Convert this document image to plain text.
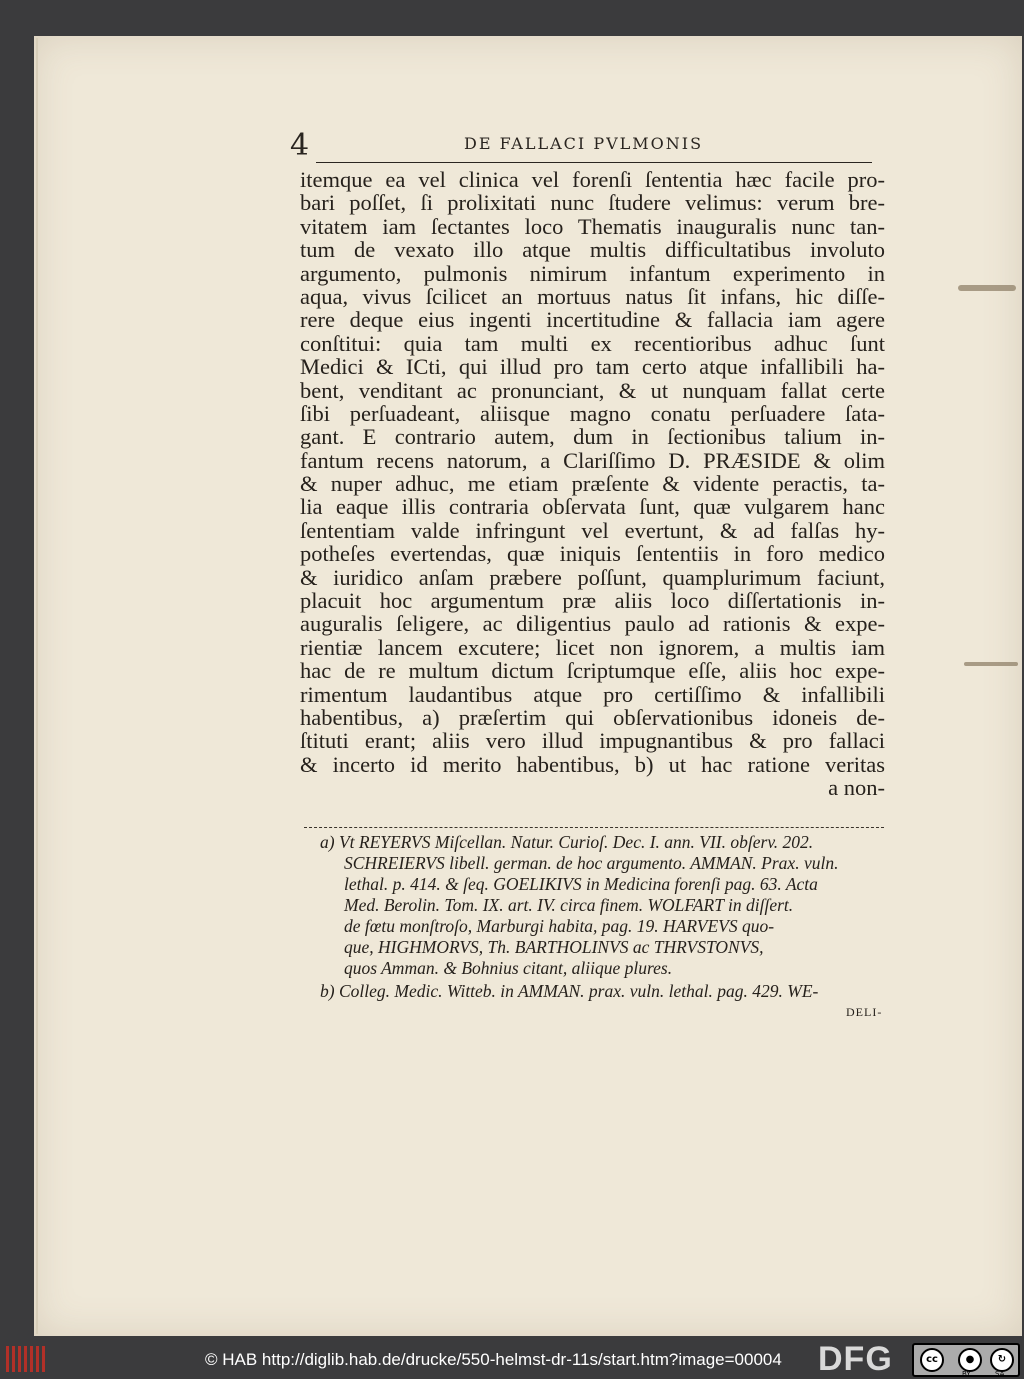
4	DE FALLACI PVLMONIS
itemque ea vel clinica vel forenſi ſententia hæc facile pro-
bari poſſet, ſi prolixitati nunc ſtudere velimus: verum bre-
vitatem iam ſectantes loco Thematis inauguralis nunc tan-
tum de vexato illo atque multis difficultatibus involuto
argumento, pulmonis nimirum infantum experimento in
aqua, vivus ſcilicet an mortuus natus ſit infans, hic diſſe-
rere deque eius ingenti incertitudine & fallacia iam agere
conſtitui: quia tam multi ex recentioribus adhuc ſunt
Medici & ICti, qui illud pro tam certo atque infallibili ha-
bent, venditant ac pronunciant, & ut nunquam fallat certe
ſibi perſuadeant, aliisque magno conatu perſuadere ſata-
gant. E contrario autem, dum in ſectionibus talium in-
fantum recens natorum, a Clariſſimo D. PRÆSIDE & olim
& nuper adhuc, me etiam præſente & vidente peractis, ta-
lia eaque illis contraria obſervata ſunt, quæ vulgarem hanc
ſententiam valde infringunt vel evertunt, & ad falſas hy-
potheſes evertendas, quæ iniquis ſententiis in foro medico
& iuridico anſam præbere poſſunt, quamplurimum faciunt,
placuit hoc argumentum præ aliis loco diſſertationis in-
auguralis ſeligere, ac diligentius paulo ad rationis & expe-
rientiæ lancem excutere; licet non ignorem, a multis iam
hac de re multum dictum ſcriptumque eſſe, aliis hoc expe-
rimentum laudantibus atque pro certiſſimo & infallibili
habentibus, a) præſertim qui obſervationibus idoneis de-
ſtituti erant; aliis vero illud impugnantibus & pro fallaci
& incerto id merito habentibus, b) ut hac ratione veritas
a non-
a) Vt REYERVS Miſcellan. Natur. Curioſ. Dec. I. ann. VII. obſerv. 202.
SCHREIERVS libell. german. de hoc argumento. AMMAN. Prax. vuln.
lethal. p. 414. & ſeq. GOELIKIVS in Medicina forenſi pag. 63. Acta
Med. Berolin. Tom. IX. art. IV. circa finem. WOLFART in diſſert.
de fœtu monſtroſo, Marburgi habita, pag. 19. HARVEVS quo-
que, HIGHMORVS, Th. BARTHOLINVS ac THRVSTONVS,
quos Amman. & Bohnius citant, aliique plures.
b) Colleg. Medic. Witteb. in AMMAN. prax. vuln. lethal. pag. 429. WE-
DELI-
© HAB http://diglib.hab.de/drucke/550-helmst-dr-11s/start.htm?image=00004 DFG	cc	●	↻
BY	SA
